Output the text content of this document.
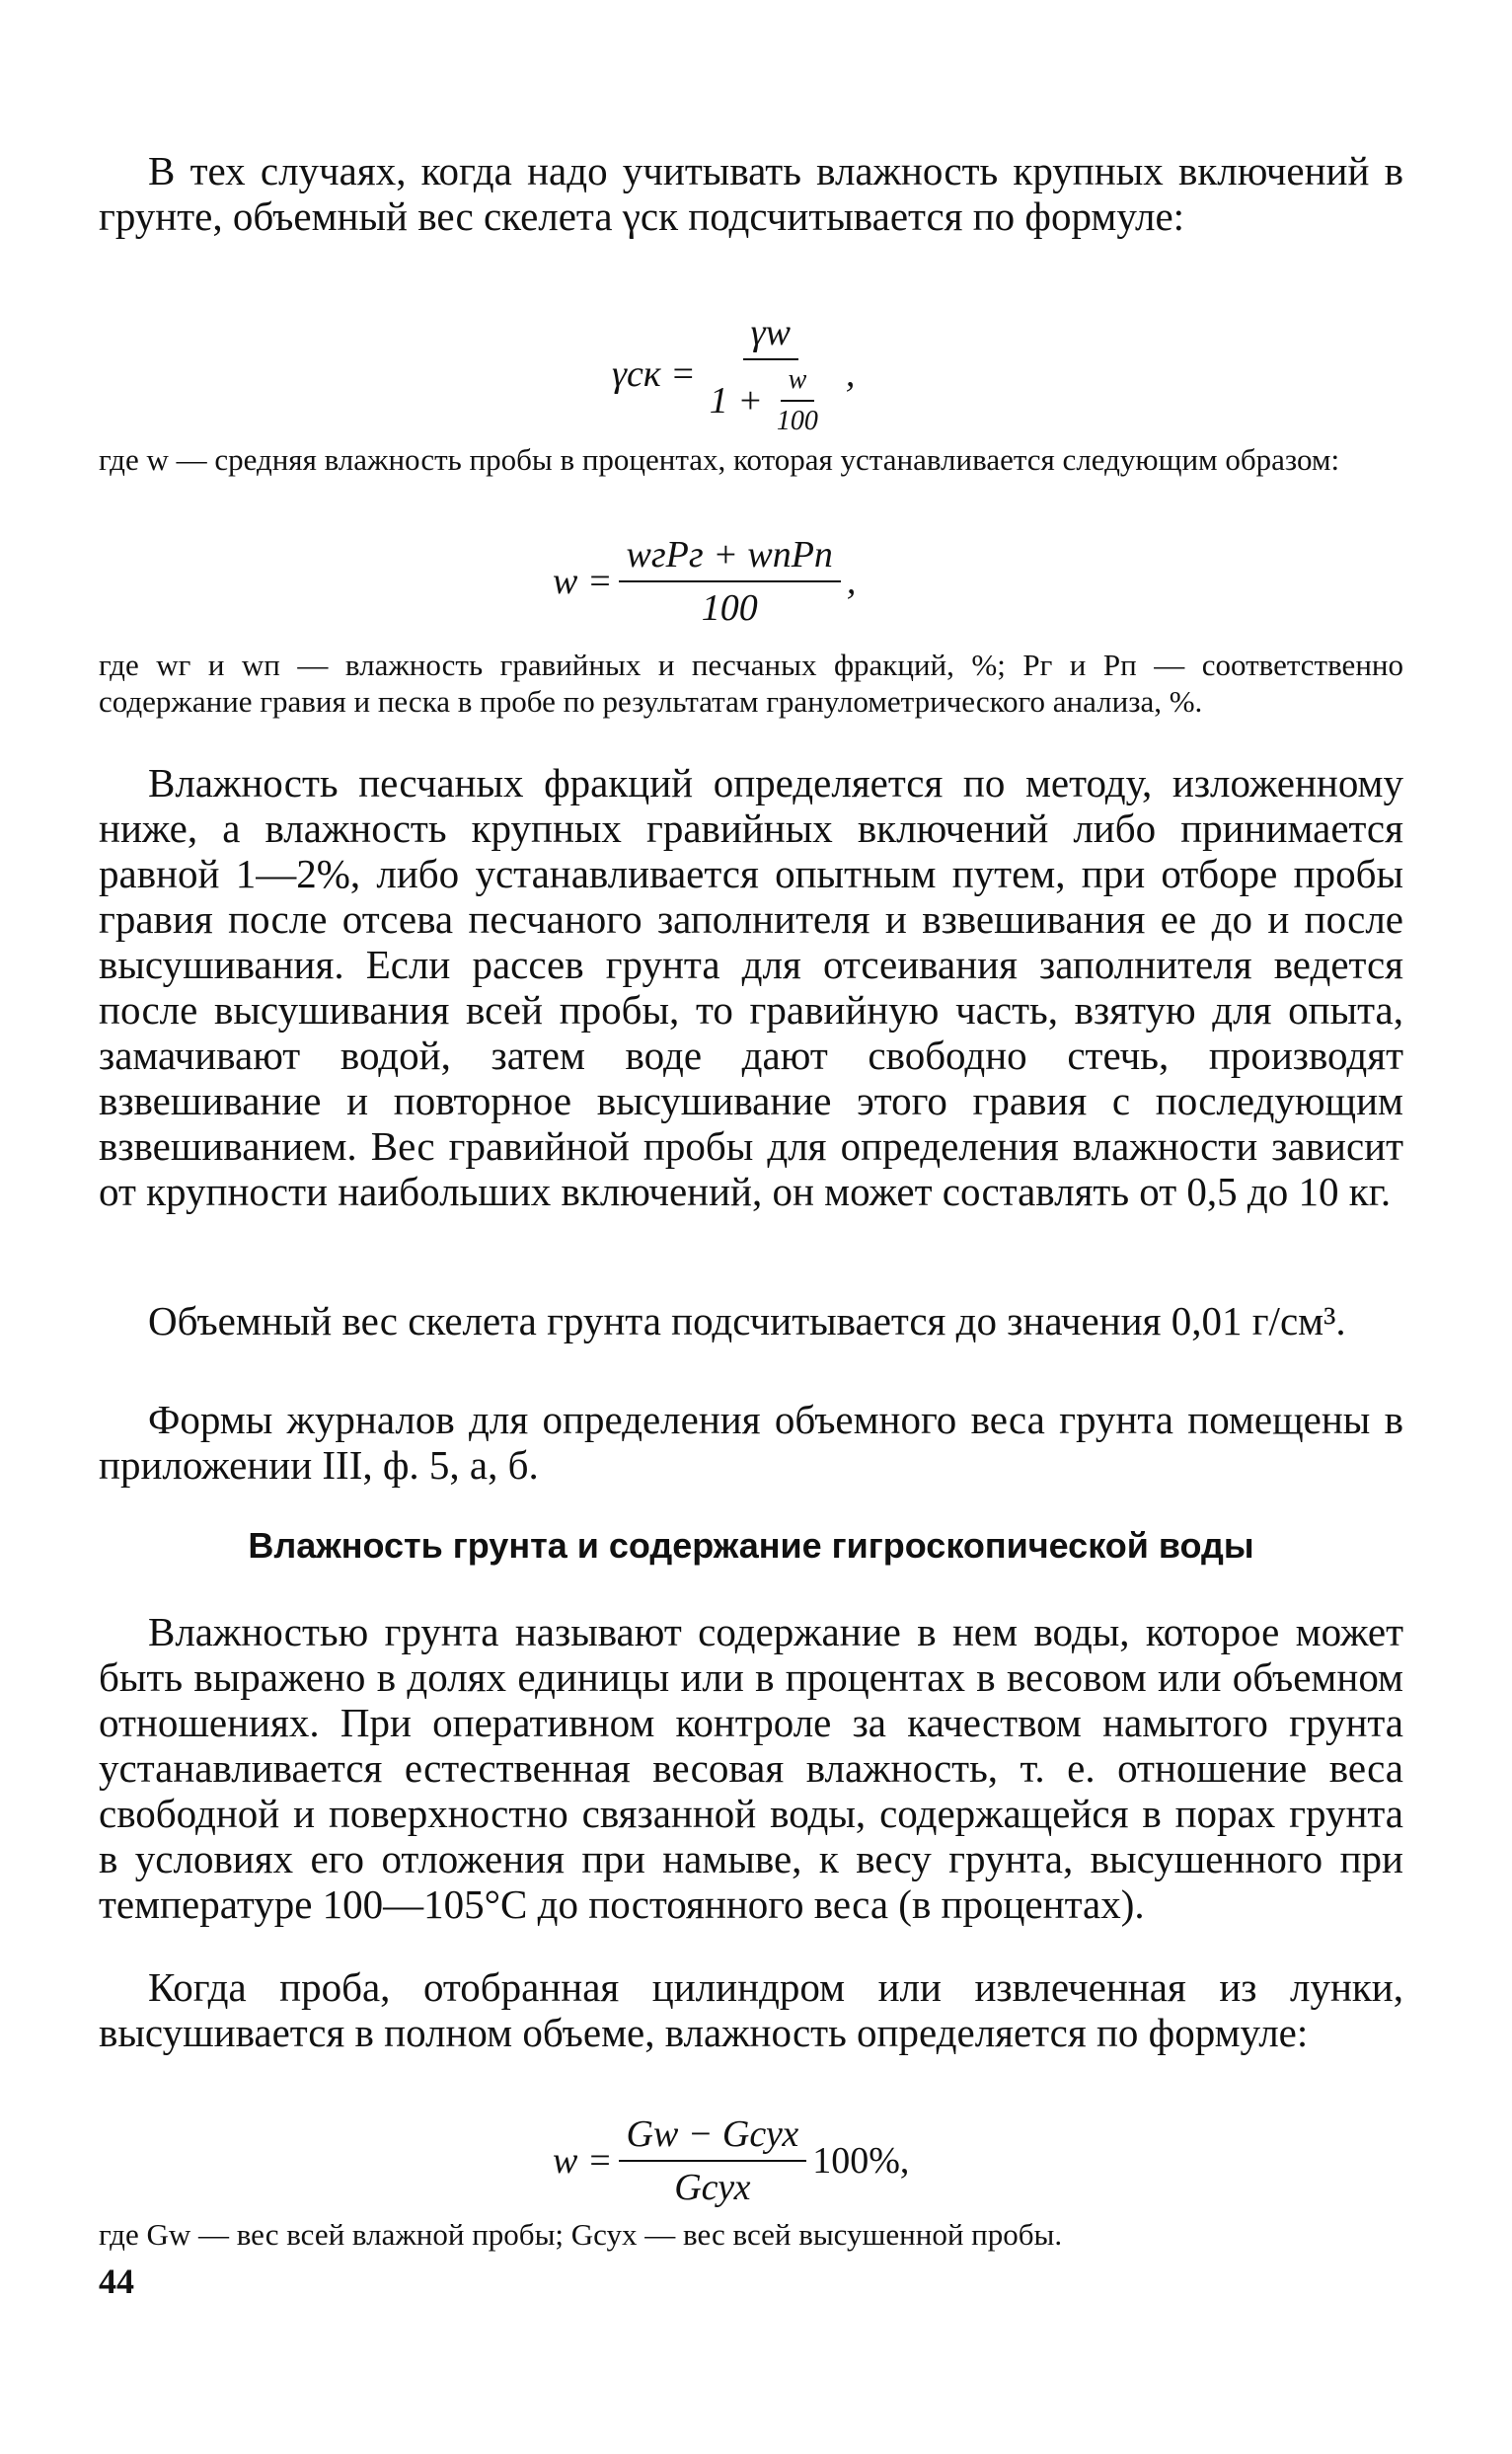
В тех случаях, когда надо учитывать влажность крупных включений в грунте, объемный вес скелета γск подсчитывается по формуле:

$\gamma ск = \frac{\gamma w}{1 + \frac{w}{100}}$ ,

где w — средняя влажность пробы в процентах, которая устанавливается следующим образом:

$w = \frac{\text{wгPг + wпPп}}{100}$ ,

где wг и wп — влажность гравийных и песчаных фракций, %; Pг и Pп — соответственно содержание гравия и песка в пробе по результатам гранулометрического анализа, %.

Влажность песчаных фракций определяется по методу, изложенному ниже, а влажность крупных гравийных включений либо принимается равной 1—2%, либо устанавливается опытным путем, при отборе пробы гравия после отсева песчаного заполнителя и взвешивания ее до и после высушивания. Если рассев грунта для отсеивания заполнителя ведется после высушивания всей пробы, то гравийную часть, взятую для опыта, замачивают водой, затем воде дают свободно стечь, производят взвешивание и повторное высушивание этого гравия с последующим взвешиванием. Вес гравийной пробы для определения влажности зависит от крупности наибольших включений, он может составлять от 0,5 до 10 кг.

Объемный вес скелета грунта подсчитывается до значения 0,01 г/см³.

Формы журналов для определения объемного веса грунта помещены в приложении III, ф. 5, а, б.

Влажность грунта и содержание гигроскопической воды

Влажностью грунта называют содержание в нем воды, которое может быть выражено в долях единицы или в процентах в весовом или объемном отношениях. При оперативном контроле за качеством намытого грунта устанавливается естественная весовая влажность, т. е. отношение веса свободной и поверхностно связанной воды, содержащейся в порах грунта в условиях его отложения при намыве, к весу грунта, высушенного при температуре 100—105°С до постоянного веса (в процентах).

Когда проба, отобранная цилиндром или извлеченная из лунки, высушивается в полном объеме, влажность определяется по формуле:

$w = \frac{\text{Gw − Gсух}}{\text{Gсух}} 100\%$,

где Gw — вес всей влажной пробы; Gсух — вес всей высушенной пробы.

44
